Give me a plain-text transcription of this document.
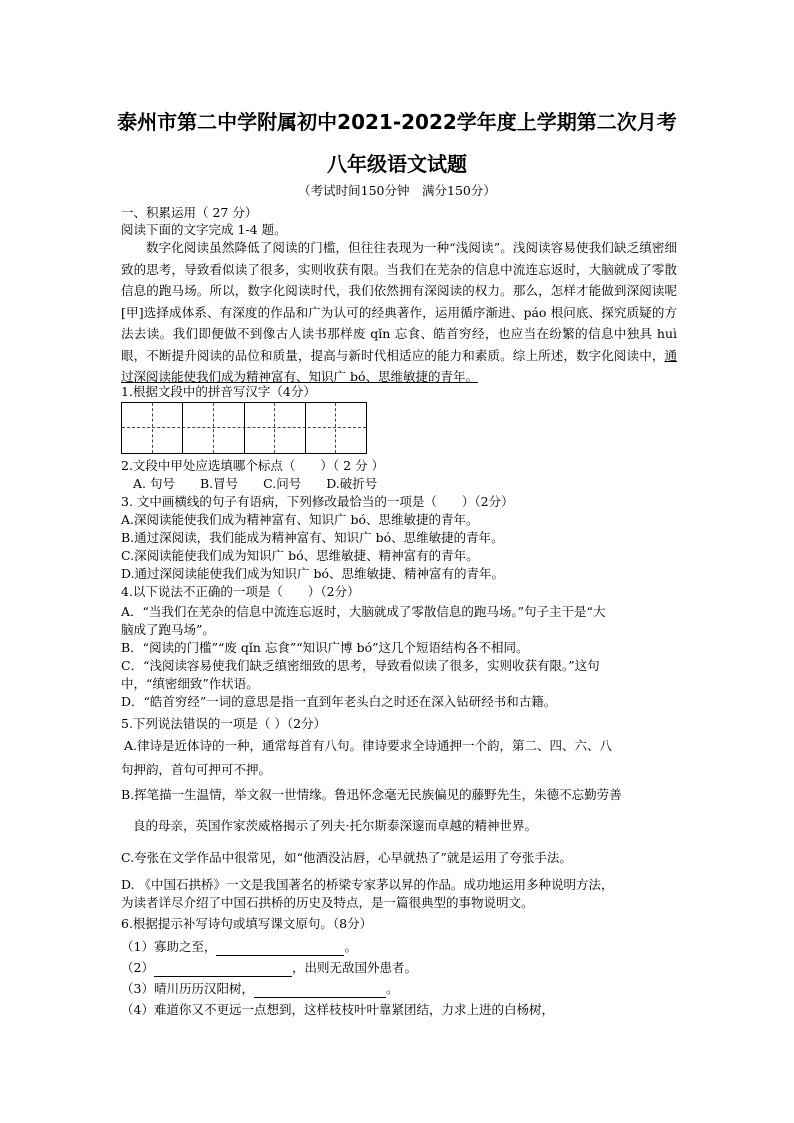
泰州市第二中学附属初中2021-2022学年度上学期第二次月考
八年级语文试题
（考试时间150分钟　满分150分）
一、积累运用（ 27 分）
阅读下面的文字完成 1-4 题。
数字化阅读虽然降低了阅读的门槛，但往往表现为一种“浅阅读”。浅阅读容易使我们缺乏缜密细致的思考，导致看似读了很多，实则收获有限。当我们在芜杂的信息中流连忘返时，大脑就成了零散信息的跑马场。所以，数字化阅读时代，我们依然拥有深阅读的权力。那么，怎样才能做到深阅读呢[甲]选择成体系、有深度的作品和广为认可的经典著作，运用循序渐进、páo 根问底、探究质疑的方法去读。我们即便做不到像古人读书那样废 qǐn 忘食、皓首穷经，也应当在纷繁的信息中独具 huì 眼，不断提升阅读的品位和质量，提高与新时代相适应的能力和素质。综上所述，数字化阅读中，通过深阅读能使我们成为精神富有、知识广 bó、思维敏捷的青年。
1.根据文段中的拼音写汉字（4分）
2.文段中甲处应选填哪个标点（　　）（ 2 分 ）
A. 句号　　B.冒号　　C.问号　　D.破折号
3. 文中画横线的句子有语病，下列修改最恰当的一项是（　　）（2分）
A.深阅读能使我们成为精神富有、知识广 bó、思维敏捷的青年。
B.通过深阅读，我们能成为精神富有、知识广 bó、思维敏捷的青年。
C.深阅读能使我们成为知识广 bó、思维敏捷、精神富有的青年。
D.通过深阅读能使我们成为知识广 bó、思维敏捷、精神富有的青年。
4.以下说法不正确的一项是（　　）（2分）
A．“当我们在芜杂的信息中流连忘返时，大脑就成了零散信息的跑马场。”句子主干是“大
脑成了跑马场”。
B．“阅读的门槛”“废 qǐn 忘食”“知识广博 bó”这几个短语结构各不相同。
C．“浅阅读容易使我们缺乏缜密细致的思考，导致看似读了很多，实则收获有限。”这句
中，“缜密细致”作状语。
D．“皓首穷经”一词的意思是指一直到年老头白之时还在深入钻研经书和古籍。
5.下列说法错误的一项是（ ）（2分）
A.律诗是近体诗的一种，通常每首有八句。律诗要求全诗通押一个韵，第二、四、六、八
句押韵，首句可押可不押。
B.挥笔描一生温情，举文叙一世情缘。鲁迅怀念毫无民族偏见的藤野先生，朱德不忘勤劳善
良的母亲，英国作家茨威格揭示了列夫·托尔斯泰深邃而卓越的精神世界。
C.夸张在文学作品中很常见，如“他酒没沾唇，心早就热了”就是运用了夸张手法。
D. 《中国石拱桥》一文是我国著名的桥梁专家茅以昇的作品。成功地运用多种说明方法，
为读者详尽介绍了中国石拱桥的历史及特点，是一篇很典型的事物说明文。
6.根据提示补写诗句或填写课文原句。（8分）
（1）寡助之至，	。
（2）	，出则无敌国外患者。
（3）晴川历历汉阳树，	。
（4）难道你又不更远一点想到，这样枝枝叶叶靠紧团结，力求上进的白杨树，
